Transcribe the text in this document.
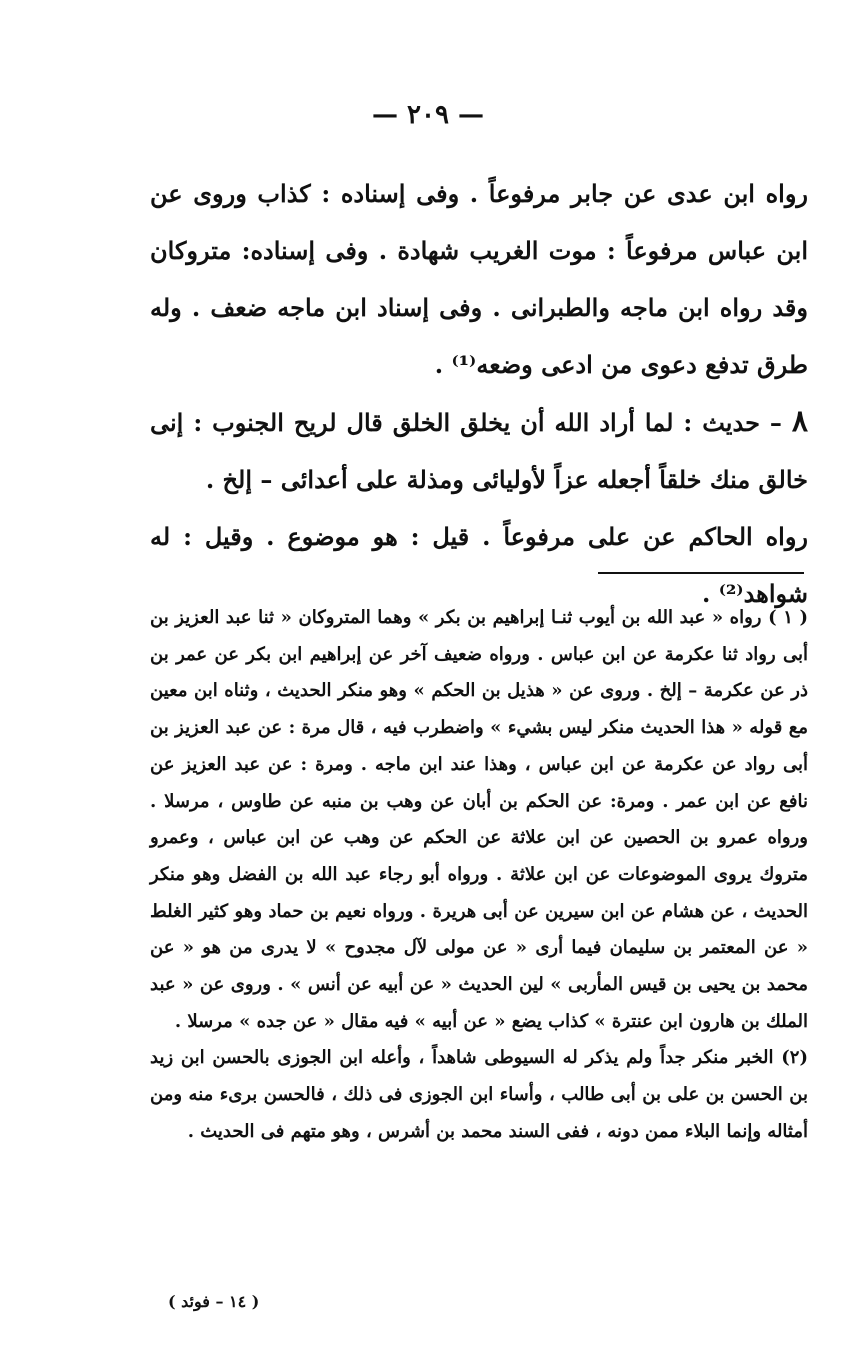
— ٢٠٩ —

رواه ابن عدى عن جابر مرفوعاً . وفى إسناده : كذاب وروى عن ابن عباس مرفوعاً : موت الغريب شهادة . وفى إسناده: متروكان وقد رواه ابن ماجه والطبرانى . وفى إسناد ابن ماجه ضعف . وله طرق تدفع دعوى من ادعى وضعه⁽¹⁾ .

٨ – حديث : لما أراد الله أن يخلق الخلق قال لريح الجنوب : إنى خالق منك خلقاً أجعله عزاً لأوليائى ومذلة على أعدائى – إلخ .

رواه الحاكم عن على مرفوعاً . قيل : هو موضوع . وقيل : له شواهد⁽²⁾ .

( ١ ) رواه « عبد الله بن أيوب ثنـا إبراهيم بن بكر » وهما المتروكان « ثنا عبد العزيز بن أبى رواد ثنا عكرمة عن ابن عباس . ورواه ضعيف آخر عن إبراهيم ابن بكر عن عمر بن ذر عن عكرمة – إلخ . وروى عن « هذيل بن الحكم » وهو منكر الحديث ، وثناه ابن معين مع قوله « هذا الحديث منكر ليس بشيء » واضطرب فيه ، قال مرة : عن عبد العزيز بن أبى رواد عن عكرمة عن ابن عباس ، وهذا عند ابن ماجه . ومرة : عن عبد العزيز عن نافع عن ابن عمر . ومرة: عن الحكم بن أبان عن وهب بن منبه عن طاوس ، مرسلا . ورواه عمرو بن الحصين عن ابن علاثة عن الحكم عن وهب عن ابن عباس ، وعمرو متروك يروى الموضوعات عن ابن علاثة . ورواه أبو رجاء عبد الله بن الفضل وهو منكر الحديث ، عن هشام عن ابن سيرين عن أبى هريرة . ورواه نعيم بن حماد وهو كثير الغلط « عن المعتمر بن سليمان فيما أرى « عن مولى لآل مجدوح » لا يدرى من هو « عن محمد بن يحيى بن قيس المأربى » لين الحديث « عن أبيه عن أنس » . وروى عن « عبد الملك بن هارون ابن عنترة » كذاب يضع « عن أبيه » فيه مقال « عن جده » مرسلا .

(٢) الخبر منكر جداً ولم يذكر له السيوطى شاهداً ، وأعله ابن الجوزى بالحسن ابن زيد بن الحسن بن على بن أبى طالب ، وأساء ابن الجوزى فى ذلك ، فالحسن برىء منه ومن أمثاله وإنما البلاء ممن دونه ، ففى السند محمد بن أشرس ، وهو متهم فى الحديث .

( ١٤ – فوئد )
